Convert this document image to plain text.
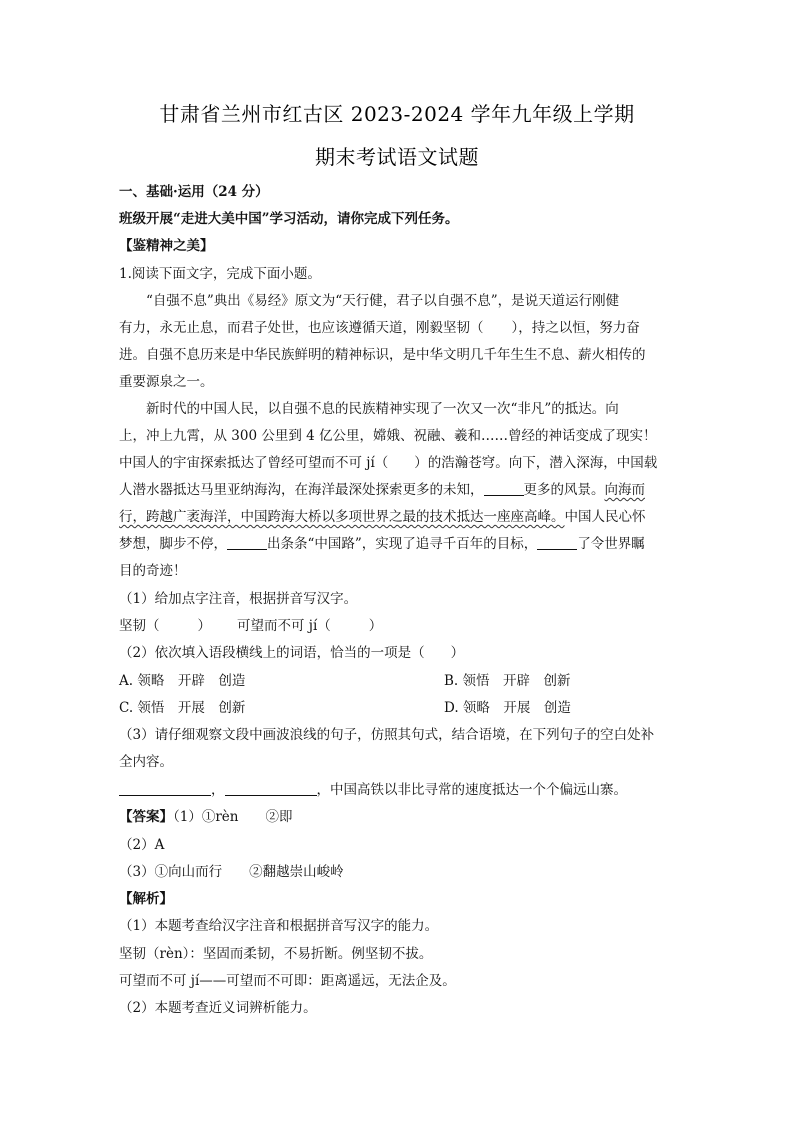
甘肃省兰州市红古区 2023-2024 学年九年级上学期
期末考试语文试题
一、基础·运用（24 分）
班级开展“走进大美中国”学习活动，请你完成下列任务。
【鉴精神之美】
1.阅读下面文字，完成下面小题。
“自强不息”典出《易经》原文为“天行健，君子以自强不息”，是说天道运行刚健
有力，永无止息，而君子处世，也应该遵循天道，刚毅坚韧（ ），持之以恒，努力奋
进。自强不息历来是中华民族鲜明的精神标识，是中华文明几千年生生不息、薪火相传的
重要源泉之一。
新时代的中国人民，以自强不息的民族精神实现了一次又一次“非凡”的抵达。向
上，冲上九霄，从 300 公里到 4 亿公里，嫦娥、祝融、羲和……曾经的神话变成了现实！
中国人的宇宙探索抵达了曾经可望而不可 jí（ ）的浩瀚苍穹。向下，潜入深海，中国载
人潜水器抵达马里亚纳海沟，在海洋最深处探索更多的未知，	更多的风景。向海而
行，跨越广袤海洋，中国跨海大桥以多项世界之最的技术抵达一座座高峰。中国人民心怀
梦想，脚步不停，	出条条“中国路”，实现了追寻千百年的目标，	了令世界瞩
目的奇迹！
（1）给加点字注音，根据拼音写汉字。
坚韧（	） 可望而不可 jí（	）
（2）依次填入语段横线上的词语，恰当的一项是（ ）
A. 领略　开辟　创造	B. 领悟　开辟　创新
C. 领悟　开展　创新	D. 领略　开展　创造
（3）请仔细观察文段中画波浪线的句子，仿照其句式，结合语境，在下列句子的空白处补
全内容。
，	，中国高铁以非比寻常的速度抵达一个个偏远山寨。
【答案】（1）①rèn　　②即
（2）A
（3）①向山而行　　②翻越崇山峻岭
【解析】
（1）本题考查给汉字注音和根据拼音写汉字的能力。
坚韧（rèn）：坚固而柔韧，不易折断。例坚韧不拔。
可望而不可 jí——可望而不可即：距离遥远，无法企及。
（2）本题考查近义词辨析能力。
